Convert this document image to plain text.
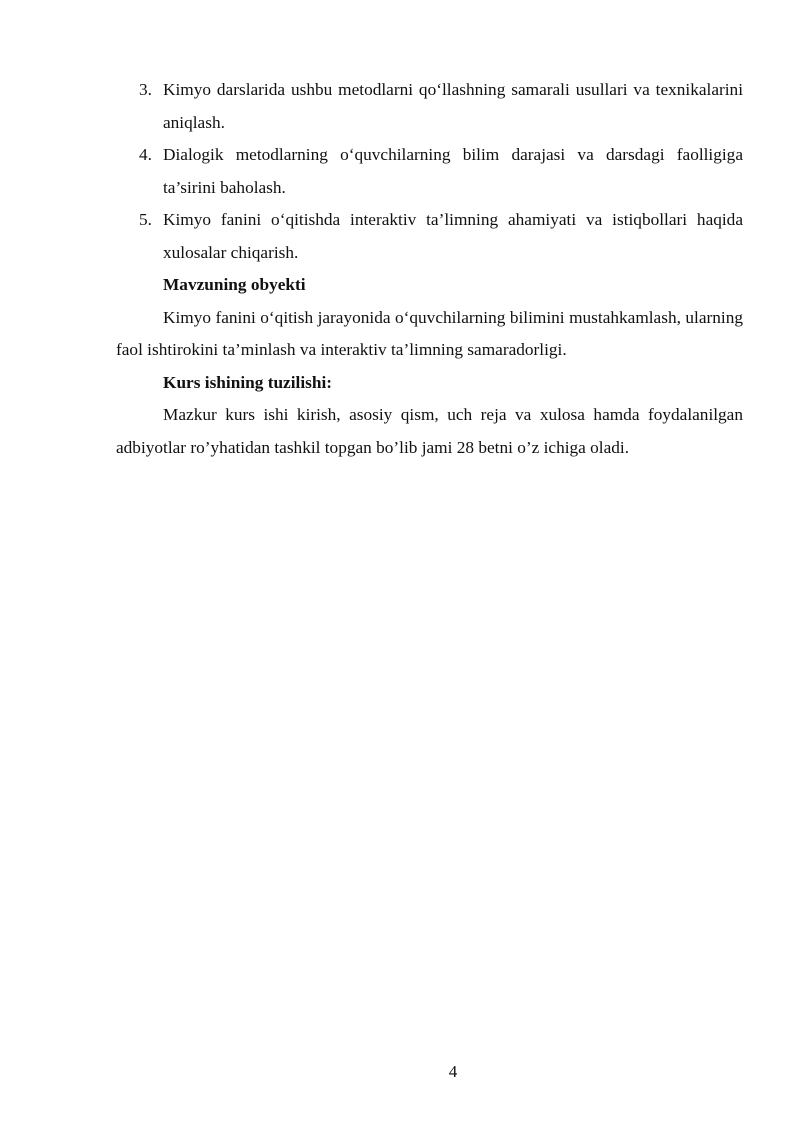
3. Kimyo darslarida ushbu metodlarni qo‘llashning samarali usullari va texnikalarini aniqlash.
4. Dialogik metodlarning o‘quvchilarning bilim darajasi va darsdagi faolligiga ta’sirini baholash.
5. Kimyo fanini o‘qitishda interaktiv ta’limning ahamiyati va istiqbollari haqida xulosalar chiqarish.
Mavzuning obyekti

Kimyo fanini o‘qitish jarayonida o‘quvchilarning bilimini mustahkamlash, ularning faol ishtirokini ta’minlash va interaktiv ta’limning samaradorligi.

Kurs ishining tuzilishi:

Mazkur kurs ishi kirish, asosiy qism, uch reja va xulosa hamda foydalanilgan adbiyotlar ro’yhatidan tashkil topgan bo’lib jami 28 betni o’z ichiga oladi.

4
